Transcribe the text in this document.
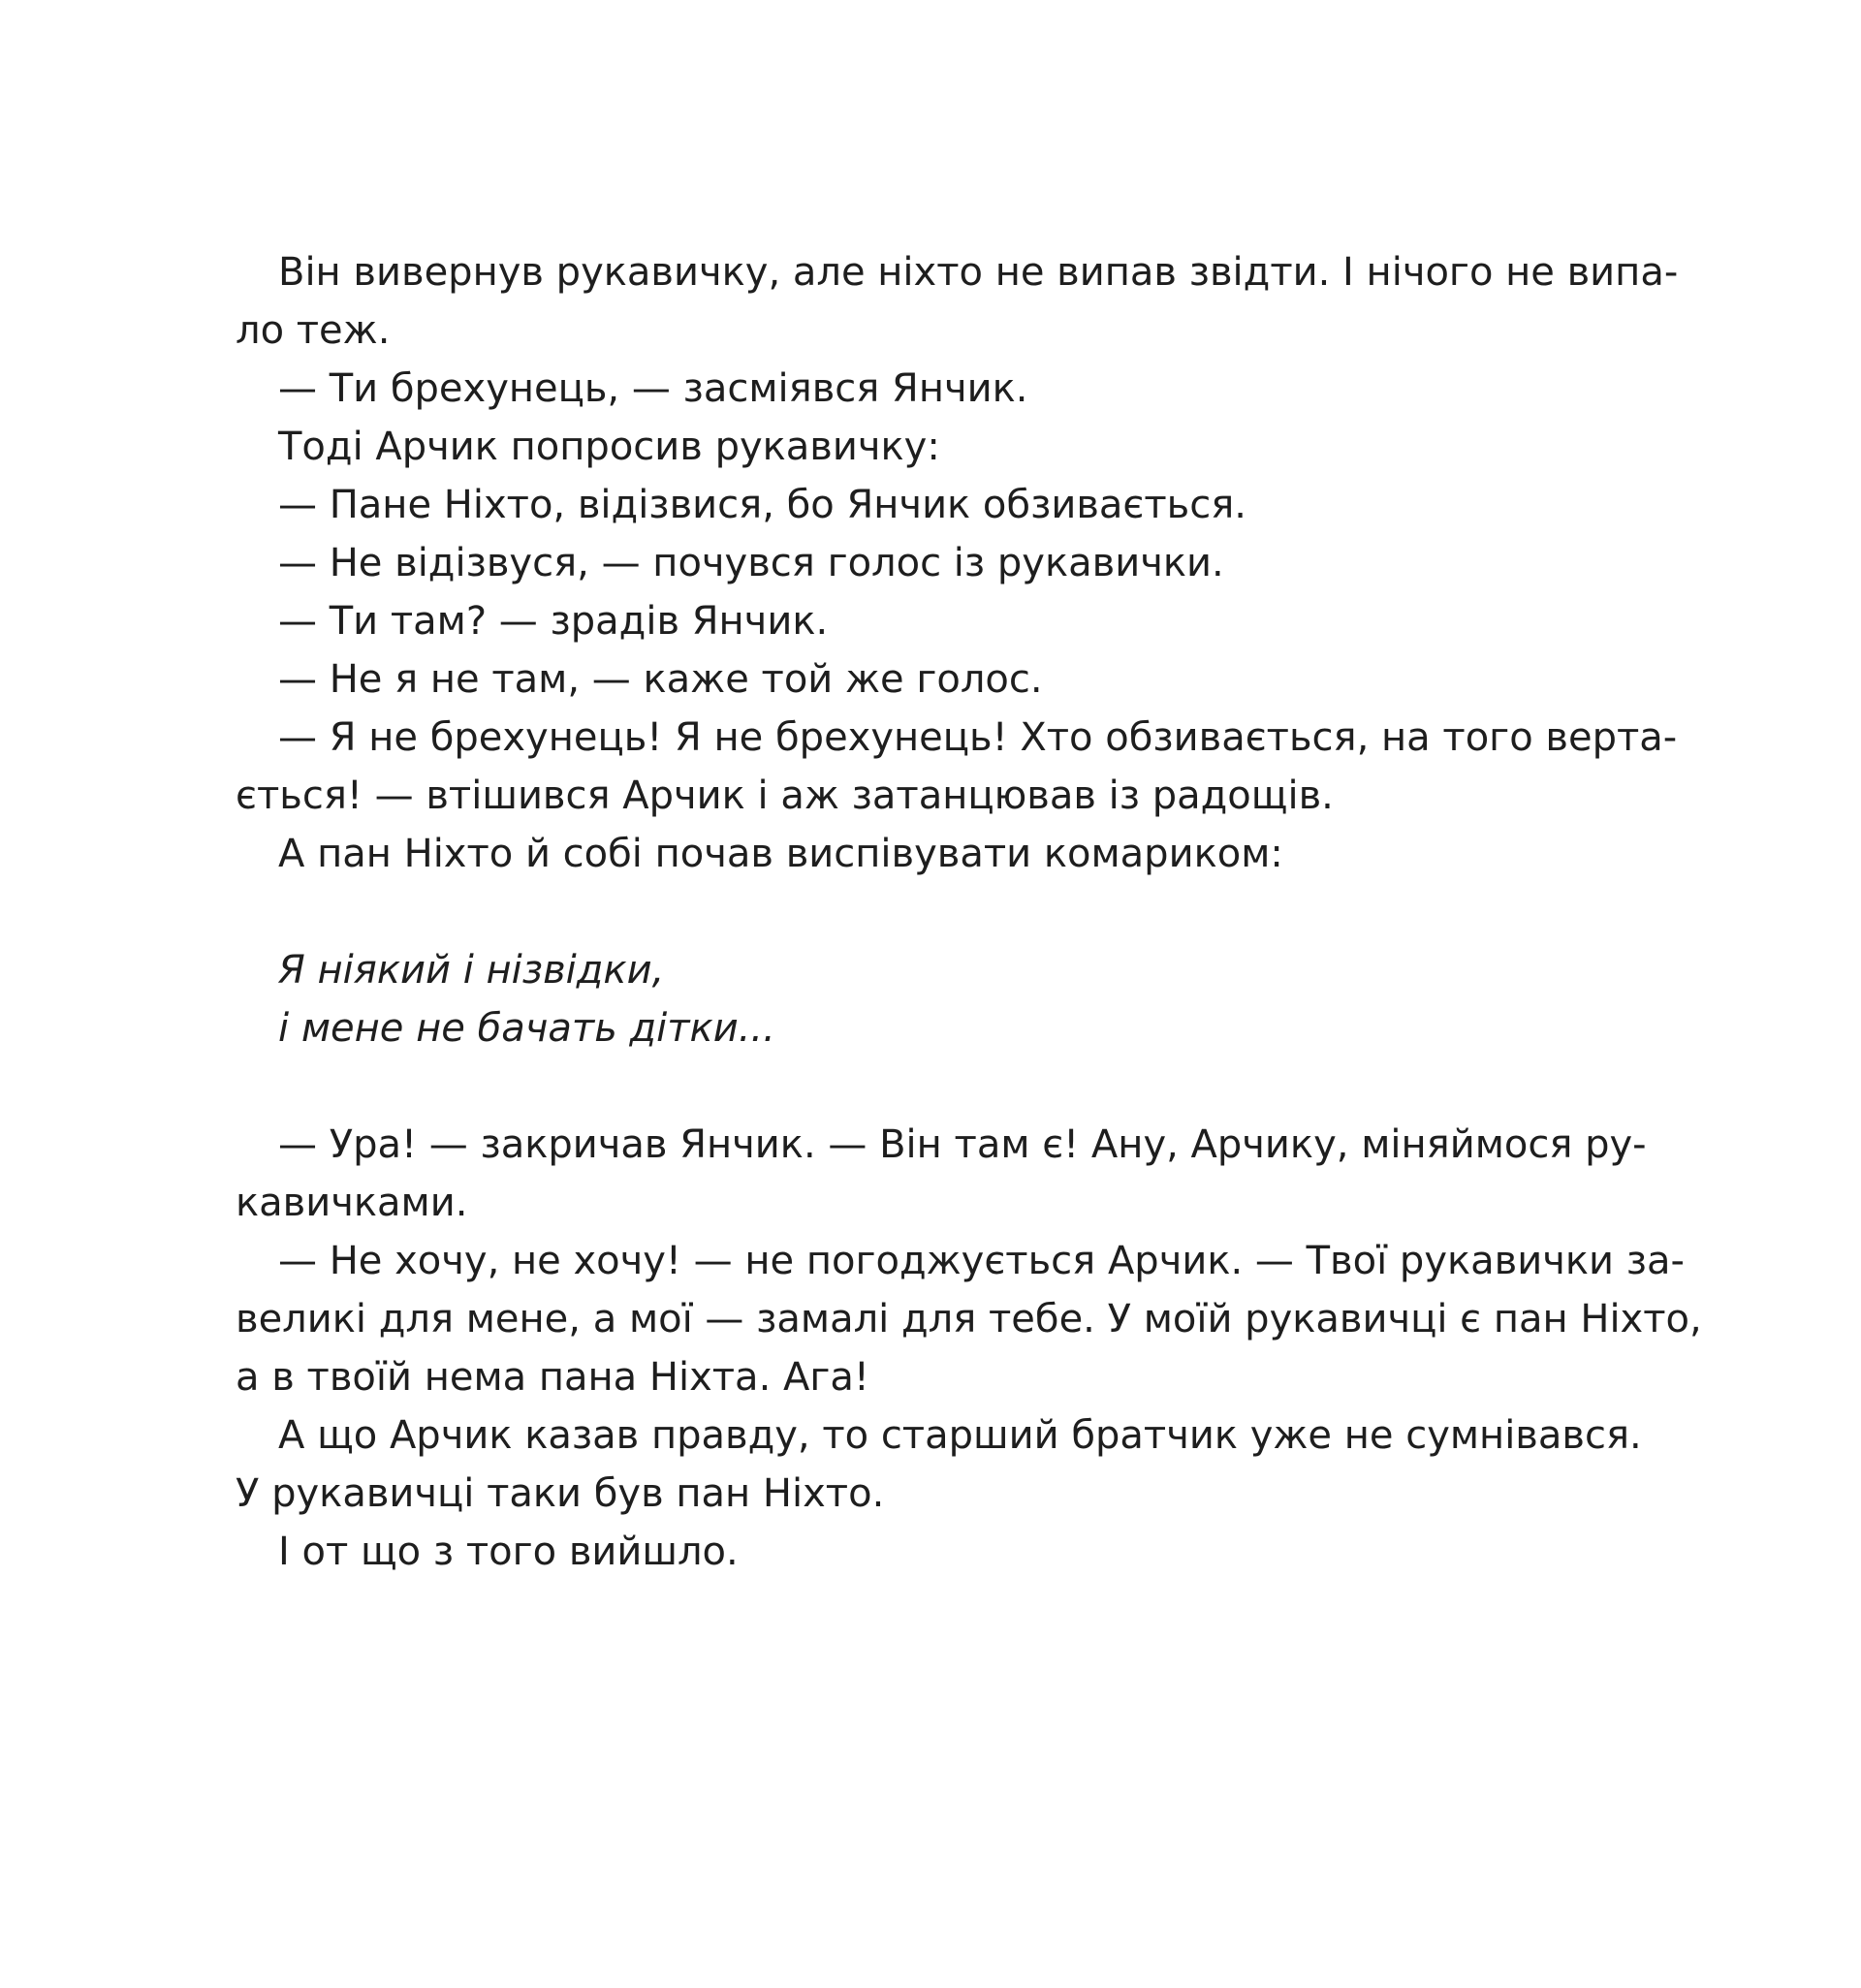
Він вивернув рукавичку, але ніхто не випав звідти. І нічого не випа-
ло теж.
— Ти брехунець, — засміявся Янчик.
Тоді Арчик попросив рукавичку:
— Пане Ніхто, відізвися, бо Янчик обзивається.
— Не відізвуся, — почувся голос із рукавички.
— Ти там? — зрадів Янчик.
— Не я не там, — каже той же голос.
— Я не брехунець! Я не брехунець! Хто обзивається, на того верта-
ється! — втішився Арчик і аж затанцював із радощів.
А пан Ніхто й собі почав виспівувати комариком:
Я ніякий і нізвідки,
і мене не бачать дітки...
— Ура! — закричав Янчик. — Він там є! Ану, Арчику, міняймося ру-
кавичками.
— Не хочу, не хочу! — не погоджується Арчик. — Твої рукавички за-
великі для мене, а мої — замалі для тебе. У моїй рукавичці є пан Ніхто,
а в твоїй нема пана Ніхта. Ага!
А що Арчик казав правду, то старший братчик уже не сумнівався.
У рукавичці таки був пан Ніхто.
І от що з того вийшло.
